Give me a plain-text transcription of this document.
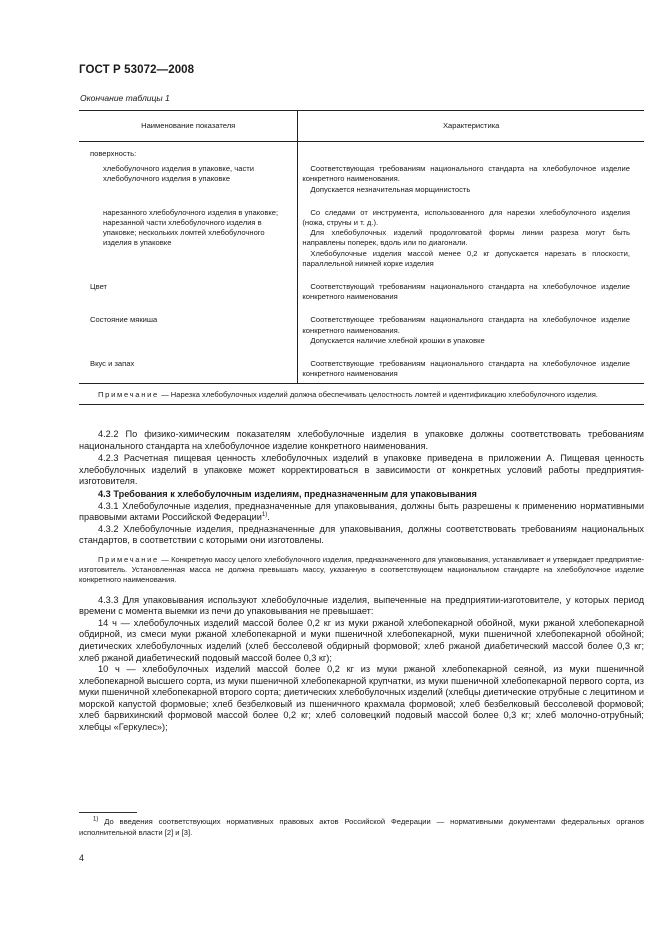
ГОСТ Р 53072—2008
Окончание таблицы 1
Наименование показателя	Характеристика

поверхность:	

хлебобулочного изделия в упаковке, части хлебобулочного изделия в упаковке	Соответствующая требованиям национального стандарта на хлебобулочное изделие конкретного наименования.
Допускается незначительная морщинистость

нарезанного хлебобулочного изделия в упаковке; нарезанной части хлебобулочного изделия в упаковке; нескольких ломтей хлебобулочного изделия в упаковке	Со следами от инструмента, использованного для нарезки хлебобулочного изделия (ножа, струны и т. д.).
Для хлебобулочных изделий продолговатой формы линии разреза могут быть направлены поперек, вдоль или по диагонали.
Хлебобулочные изделия массой менее 0,2 кг допускается нарезать в плоскости, параллельной нижней корке изделия

Цвет	Соответствующий требованиям национального стандарта на хлебобулочное изделие конкретного наименования

Состояние мякиша	Соответствующее требованиям национального стандарта на хлебобулочное изделие конкретного наименования.
Допускается наличие хлебной крошки в упаковке

Вкус и запах	Соответствующие требованиям национального стандарта на хлебобулочное изделие конкретного наименования

Примечание — Нарезка хлебобулочных изделий должна обеспечивать целостность ломтей и идентификацию хлебобулочного изделия.	

4.2.2 По физико-химическим показателям хлебобулочные изделия в упаковке должны соответствовать требованиям национального стандарта на хлебобулочное изделие конкретного наименования.

4.2.3 Расчетная пищевая ценность хлебобулочных изделий в упаковке приведена в приложении А. Пищевая ценность хлебобулочных изделий в упаковке может корректироваться в зависимости от конкретных условий работы предприятия-изготовителя.

4.3 Требования к хлебобулочным изделиям, предназначенным для упаковывания

4.3.1 Хлебобулочные изделия, предназначенные для упаковывания, должны быть разрешены к применению нормативными правовыми актами Российской Федерации$^{1)}$.

4.3.2 Хлебобулочные изделия, предназначенные для упаковывания, должны соответствовать требованиям национальных стандартов, в соответствии с которыми они изготовлены.

Примечание — Конкретную массу целого хлебобулочного изделия, предназначенного для упаковывания, устанавливает и утверждает предприятие-изготовитель. Установленная масса не должна превышать массу, указанную в соответствующем национальном стандарте на хлебобулочное изделие конкретного наименования.

4.3.3 Для упаковывания используют хлебобулочные изделия, выпеченные на предприятии-изготовителе, у которых период времени с момента выемки из печи до упаковывания не превышает:

14 ч — хлебобулочных изделий массой более 0,2 кг из муки ржаной хлебопекарной обойной, муки ржаной хлебопекарной обдирной, из смеси муки ржаной хлебопекарной и муки пшеничной хлебопекарной, муки пшеничной хлебопекарной обойной; диетических хлебобулочных изделий (хлеб бессолевой обдирный формовой; хлеб ржаной диабетический массой более 0,3 кг; хлеб ржаной диабетический подовый массой более 0,3 кг);

10 ч — хлебобулочных изделий массой более 0,2 кг из муки ржаной хлебопекарной сеяной, из муки пшеничной хлебопекарной высшего сорта, из муки пшеничной хлебопекарной крупчатки, из муки пшеничной хлебопекарной первого сорта, из муки пшеничной хлебопекарной второго сорта; диетических хлебобулочных изделий (хлебцы диетические отрубные с лецитином и морской капустой формовые; хлеб безбелковый из пшеничного крахмала формовой; хлеб безбелковый бессолевой формовой; хлеб барвихинский формовой массой более 0,2 кг; хлеб соловецкий подовый массой более 0,3 кг; хлеб молочно-отрубный; хлебцы «Геркулес»);

$^{1)}$ До введения соответствующих нормативных правовых актов Российской Федерации — нормативными документами федеральных органов исполнительной власти [2] и [3].
4
